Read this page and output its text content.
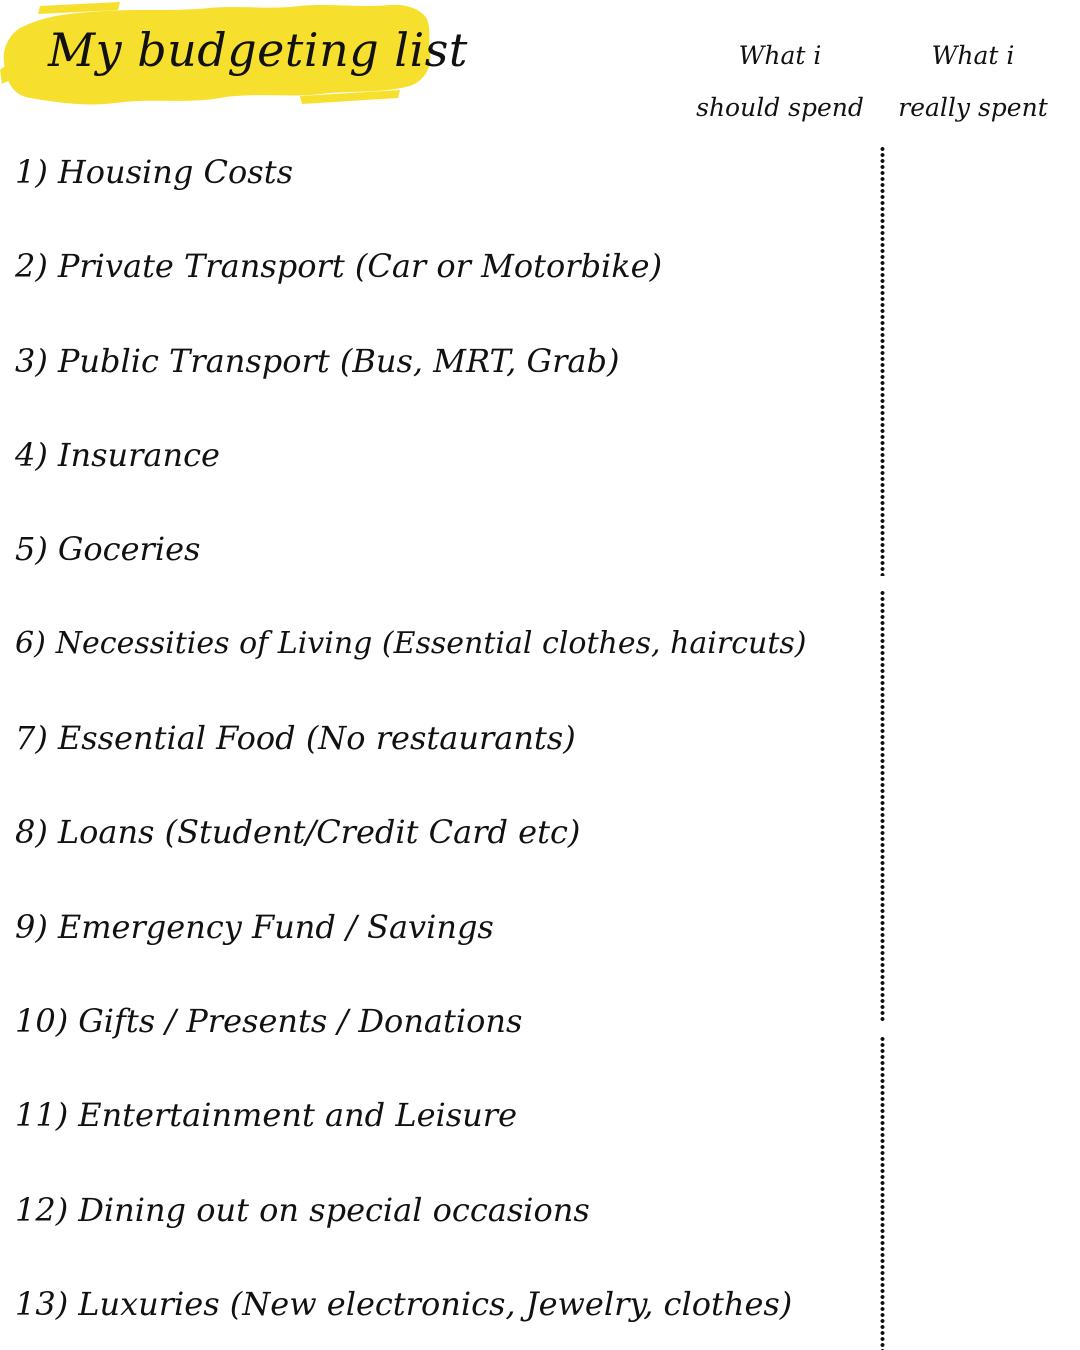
My budgeting list	What i
should spend
What i
really spent
1) Housing Costs
2) Private Transport (Car or Motorbike)
3) Public Transport (Bus, MRT, Grab)
4) Insurance
5) Goceries
6) Necessities of Living (Essential clothes, haircuts)
7) Essential Food (No restaurants)
8) Loans (Student/Credit Card etc)
9) Emergency Fund / Savings
10) Gifts / Presents / Donations
11) Entertainment and Leisure
12) Dining out on special occasions
13) Luxuries (New electronics, Jewelry, clothes)
